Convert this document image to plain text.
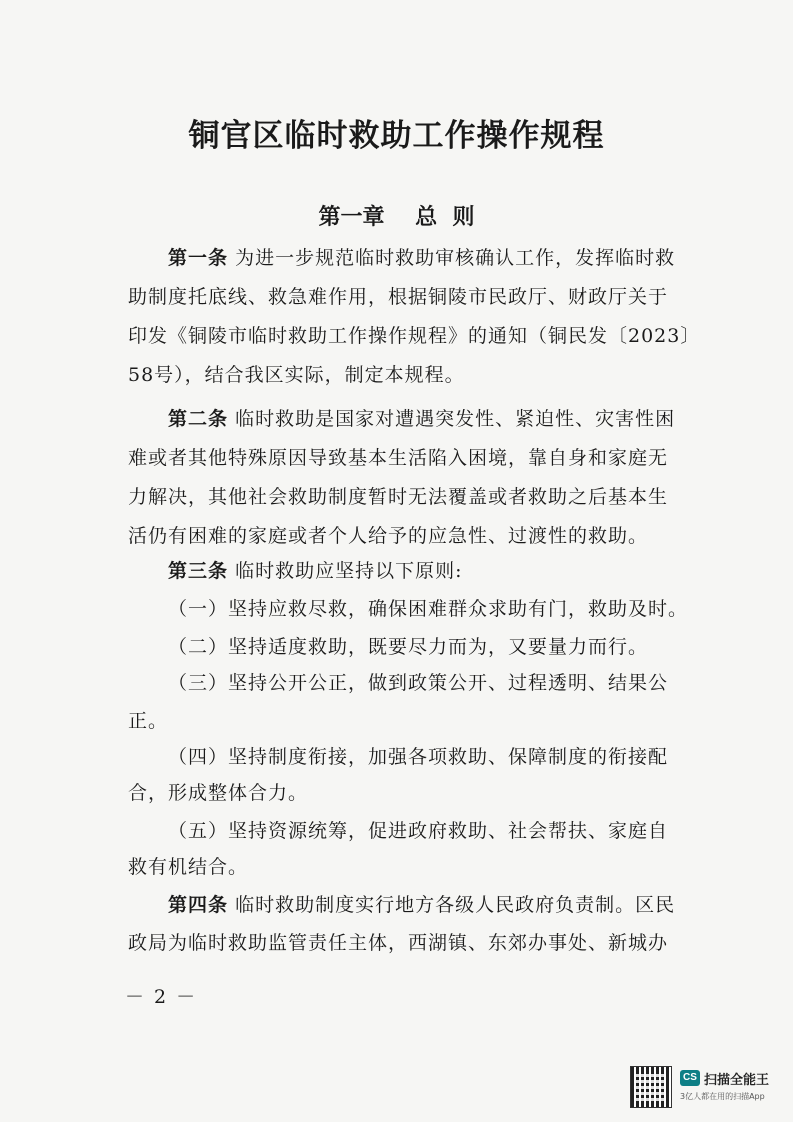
铜官区临时救助工作操作规程
第一章    总  则
第一条 为进一步规范临时救助审核确认工作，发挥临时救
助制度托底线、救急难作用，根据铜陵市民政厅、财政厅关于
印发《铜陵市临时救助工作操作规程》的通知（铜民发〔2023〕
58号），结合我区实际，制定本规程。
第二条 临时救助是国家对遭遇突发性、紧迫性、灾害性困
难或者其他特殊原因导致基本生活陷入困境，靠自身和家庭无
力解决，其他社会救助制度暂时无法覆盖或者救助之后基本生
活仍有困难的家庭或者个人给予的应急性、过渡性的救助。
第三条 临时救助应坚持以下原则:
（一）坚持应救尽救，确保困难群众求助有门，救助及时。
（二）坚持适度救助，既要尽力而为，又要量力而行。
（三）坚持公开公正，做到政策公开、过程透明、结果公
正。
（四）坚持制度衔接，加强各项救助、保障制度的衔接配
合，形成整体合力。
（五）坚持资源统筹，促进政府救助、社会帮扶、家庭自
救有机结合。
第四条 临时救助制度实行地方各级人民政府负责制。区民
政局为临时救助监管责任主体，西湖镇、东郊办事处、新城办
－ 2 －
CS 扫描全能王
3亿人都在用的扫描App
